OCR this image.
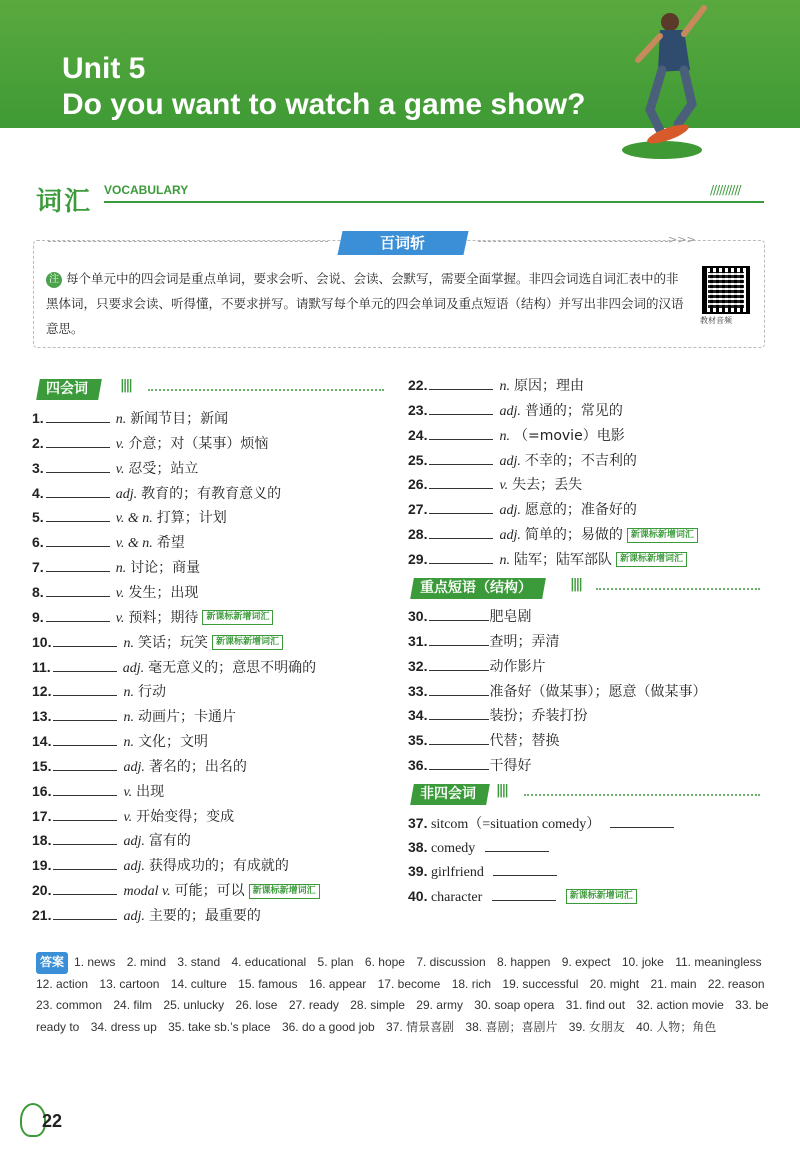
Unit 5
Do you want to watch a game show?
词汇 VOCABULARY	//////////
>>>
百词斩
注 每个单元中的四会词是重点单词，要求会听、会说、会读、会默写，需要全面掌握。非四会词选自词汇表中的非黑体词，只要求会读、听得懂，不要求拼写。请默写每个单元的四会单词及重点短语（结构）并写出非四会词的汉语意思。
教材音频
四会词	||||
1.	n. 新闻节目；新闻
2.	v. 介意；对（某事）烦恼
3.	v. 忍受；站立
4.	adj. 教育的；有教育意义的
5.	v. & n. 打算；计划
6.	v. & n. 希望
7.	n. 讨论；商量
8.	v. 发生；出现
9.	v. 预料；期待 新课标新增词汇
10.	n. 笑话；玩笑 新课标新增词汇
11.	adj. 毫无意义的；意思不明确的
12.	n. 行动
13.	n. 动画片；卡通片
14.	n. 文化；文明
15.	adj. 著名的；出名的
16.	v. 出现
17.	v. 开始变得；变成
18.	adj. 富有的
19.	adj. 获得成功的；有成就的
20.	modal v. 可能；可以 新课标新增词汇
21.	adj. 主要的；最重要的
22.	n. 原因；理由
23.	adj. 普通的；常见的
24.	n. （=movie）电影
25.	adj. 不幸的；不吉利的
26.	v. 失去；丢失
27.	adj. 愿意的；准备好的
28.	adj. 简单的；易做的 新课标新增词汇
29.	n. 陆军；陆军部队 新课标新增词汇
重点短语（结构）	||||
30.	肥皂剧
31.	查明；弄清
32.	动作影片
33.	准备好（做某事）；愿意（做某事）
34.	装扮；乔装打扮
35.	代替；替换
36.	干得好
非四会词	||||
37. sitcom（=situation comedy）
38. comedy
39. girlfriend
40. character	新课标新增词汇
答案 1. news 2. mind 3. stand 4. educational 5. plan 6. hope 7. discussion 8. happen 9. expect 10. joke 11. meaningless 12. action 13. cartoon 14. culture 15. famous 16. appear 17. become 18. rich 19. successful 20. might 21. main 22. reason 23. common 24. film 25. unlucky 26. lose 27. ready 28. simple 29. army 30. soap opera 31. find out 32. action movie 33. be ready to 34. dress up 35. take sb.’s place 36. do a good job 37. 情景喜剧 38. 喜剧；喜剧片 39. 女朋友 40. 人物；角色
22
